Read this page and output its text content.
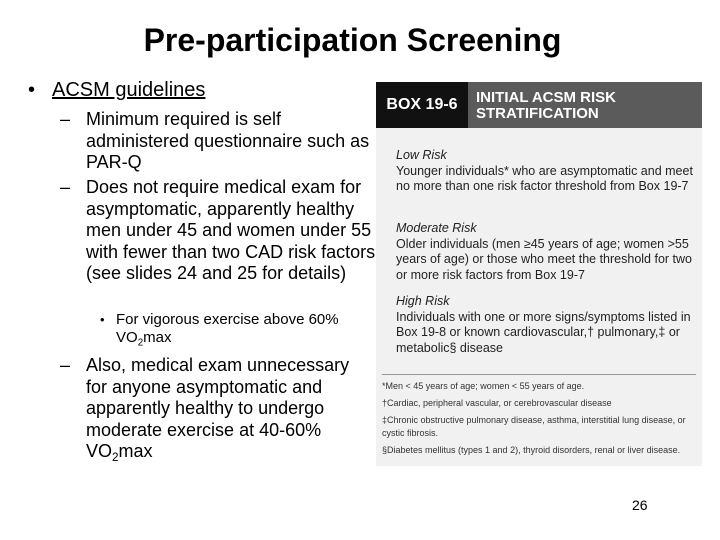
Pre-participation Screening
• ACSM guidelines
– Minimum required is self administered questionnaire such as PAR-Q
– Does not require medical exam for asymptomatic, apparently healthy men under 45 and women under 55 with fewer than two CAD risk factors (see slides 24 and 25 for details)
• For vigorous exercise above 60% $VO_2\max$
– Also, medical exam unnecessary for anyone asymptomatic and apparently healthy to undergo moderate exercise at 40-60% $VO_2\max$
BOX 19-6	INITIAL ACSM RISK STRATIFICATION
Low Risk
Younger individuals* who are asymptomatic and meet no more than one risk factor threshold from Box 19-7
Moderate Risk
Older individuals (men ≥45 years of age; women >55 years of age) or those who meet the threshold for two or more risk factors from Box 19-7
High Risk
Individuals with one or more signs/symptoms listed in Box 19-8 or known cardiovascular,† pulmonary,‡ or metabolic§ disease
*Men < 45 years of age; women < 55 years of age.
†Cardiac, peripheral vascular, or cerebrovascular disease
‡Chronic obstructive pulmonary disease, asthma, interstitial lung disease, or cystic fibrosis.
§Diabetes mellitus (types 1 and 2), thyroid disorders, renal or liver disease.
26
